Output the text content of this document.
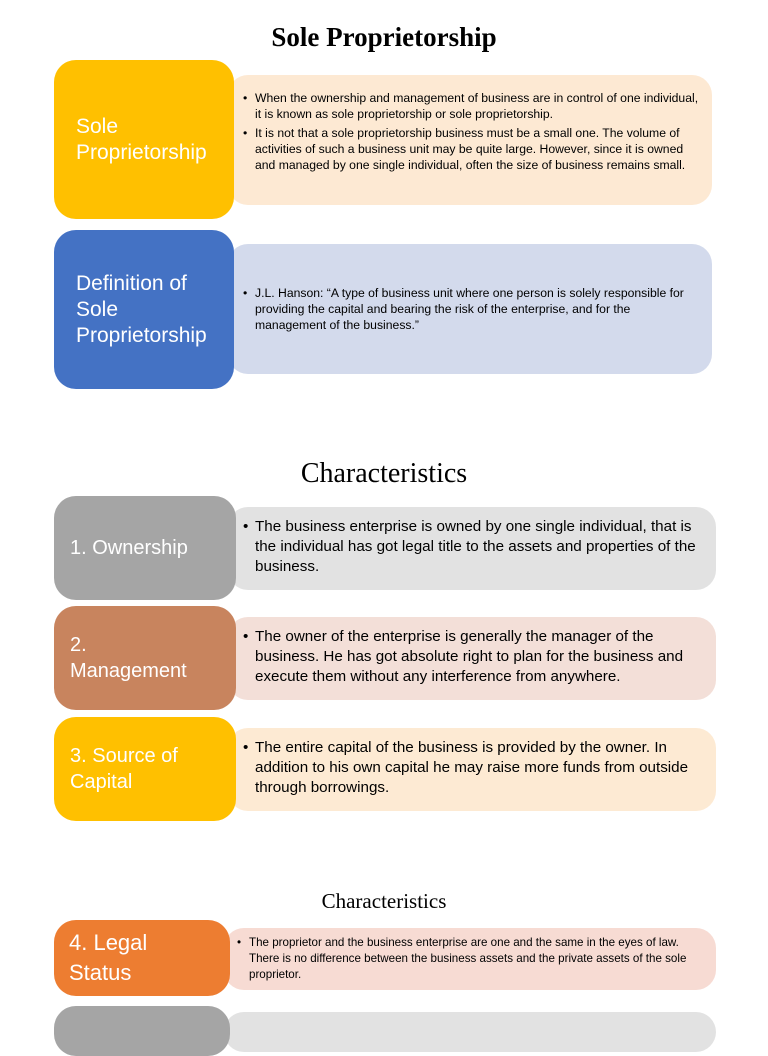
Sole Proprietorship
Characteristics
Characteristics
• When the ownership and management of business are in control of one individual, it is known as sole proprietorship or sole proprietorship.
• It is not that a sole proprietorship business must be a small one. The volume of activities of such a business unit may be quite large. However, since it is owned and managed by one single individual, often the size of business remains small.
Sole Proprietorship
• J.L. Hanson: “A type of business unit where one person is solely responsible for providing the capital and bearing the risk of the enterprise, and for the management of the business.”
Definition of Sole Proprietorship
• The business enterprise is owned by one single individual, that is the individual has got legal title to the assets and properties of the business.
1. Ownership
• The owner of the enterprise is generally the manager of the business. He has got absolute right to plan for the business and execute them without any interference from anywhere.
2. Management
• The entire capital of the business is provided by the owner. In addition to his own capital he may raise more funds from outside through borrowings.
3. Source of Capital
• The proprietor and the business enterprise are one and the same in the eyes of law. There is no difference between the business assets and the private assets of the sole proprietor.
4. Legal Status
